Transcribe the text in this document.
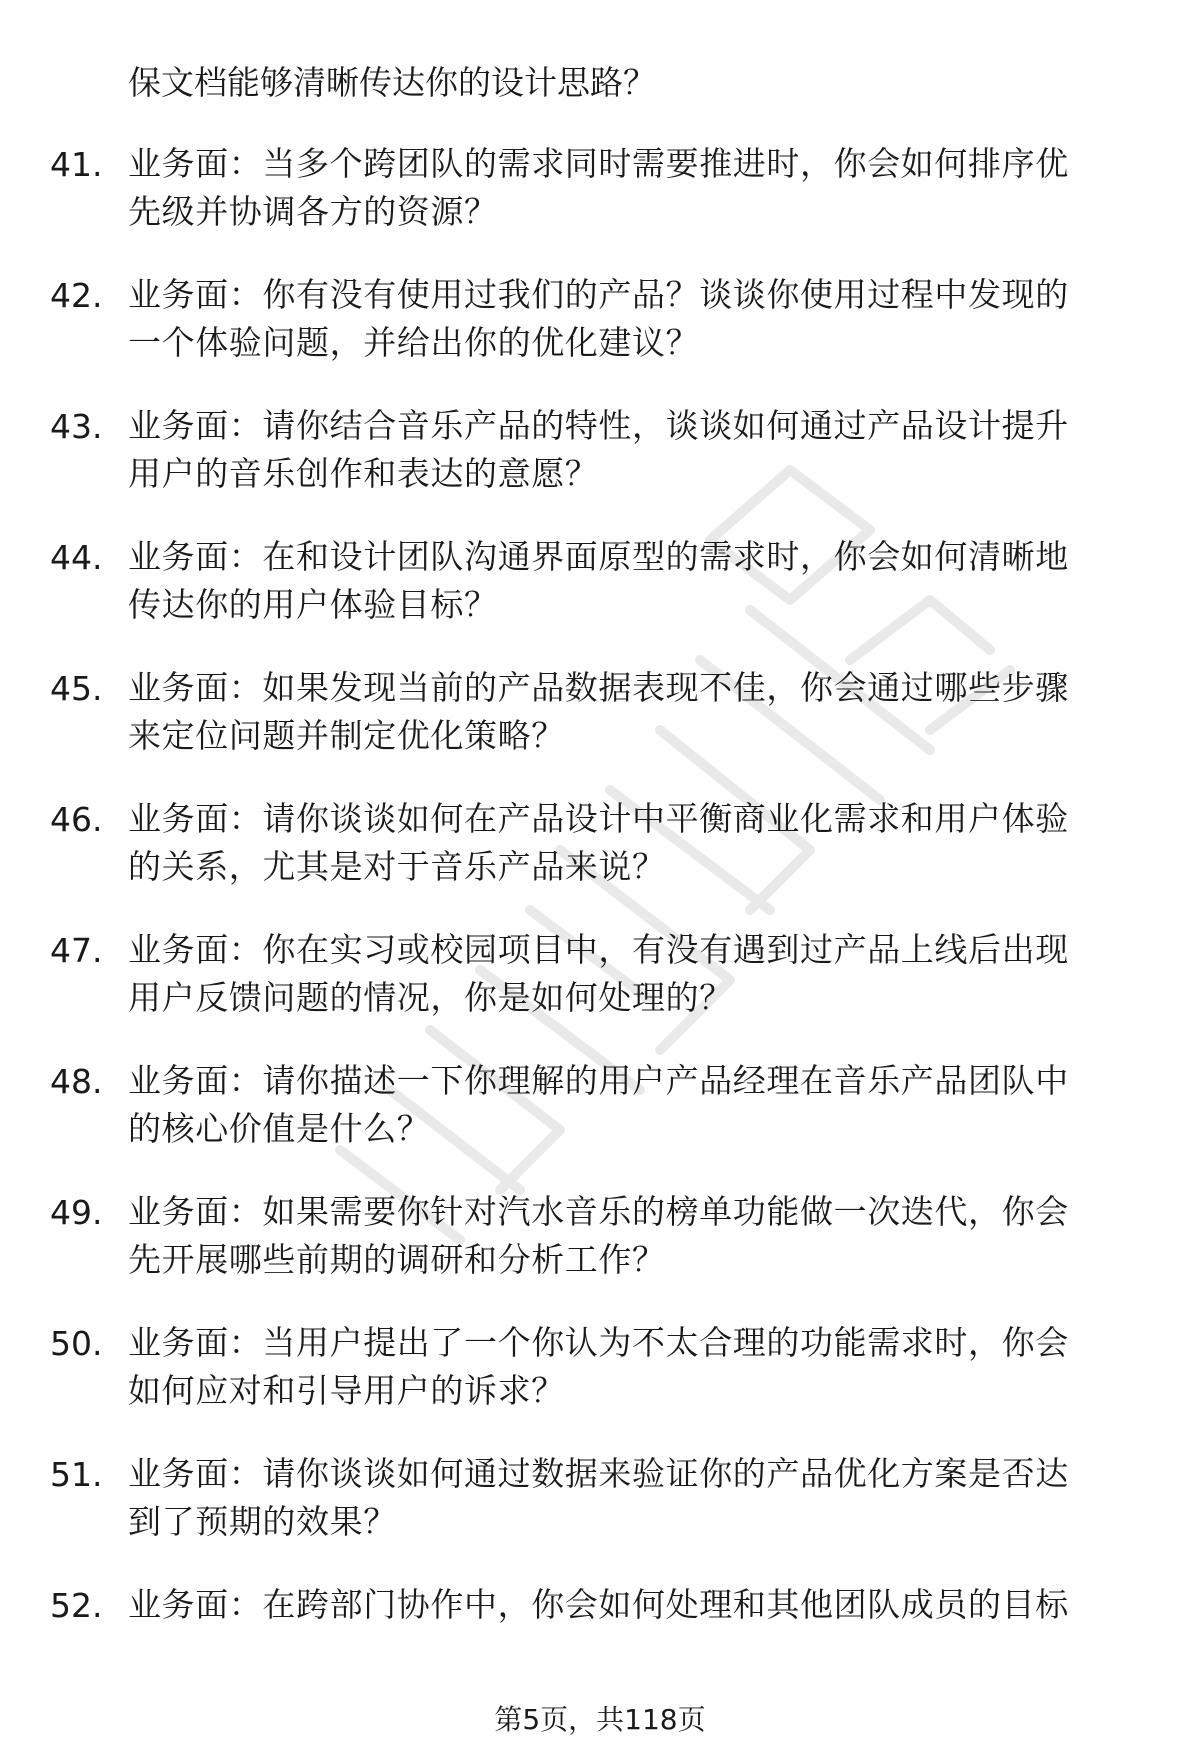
保文档能够清晰传达你的设计思路？
41. 业务面：当多个跨团队的需求同时需要推进时，你会如何排序优
先级并协调各方的资源？
42. 业务面：你有没有使用过我们的产品？谈谈你使用过程中发现的
一个体验问题，并给出你的优化建议？
43. 业务面：请你结合音乐产品的特性，谈谈如何通过产品设计提升
用户的音乐创作和表达的意愿？
44. 业务面：在和设计团队沟通界面原型的需求时，你会如何清晰地
传达你的用户体验目标？
45. 业务面：如果发现当前的产品数据表现不佳，你会通过哪些步骤
来定位问题并制定优化策略？
46. 业务面：请你谈谈如何在产品设计中平衡商业化需求和用户体验
的关系，尤其是对于音乐产品来说？
47. 业务面：你在实习或校园项目中，有没有遇到过产品上线后出现
用户反馈问题的情况，你是如何处理的？
48. 业务面：请你描述一下你理解的用户产品经理在音乐产品团队中
的核心价值是什么？
49. 业务面：如果需要你针对汽水音乐的榜单功能做一次迭代，你会
先开展哪些前期的调研和分析工作？
50. 业务面：当用户提出了一个你认为不太合理的功能需求时，你会
如何应对和引导用户的诉求？
51. 业务面：请你谈谈如何通过数据来验证你的产品优化方案是否达
到了预期的效果？
52. 业务面：在跨部门协作中，你会如何处理和其他团队成员的目标
第5页，共118页
